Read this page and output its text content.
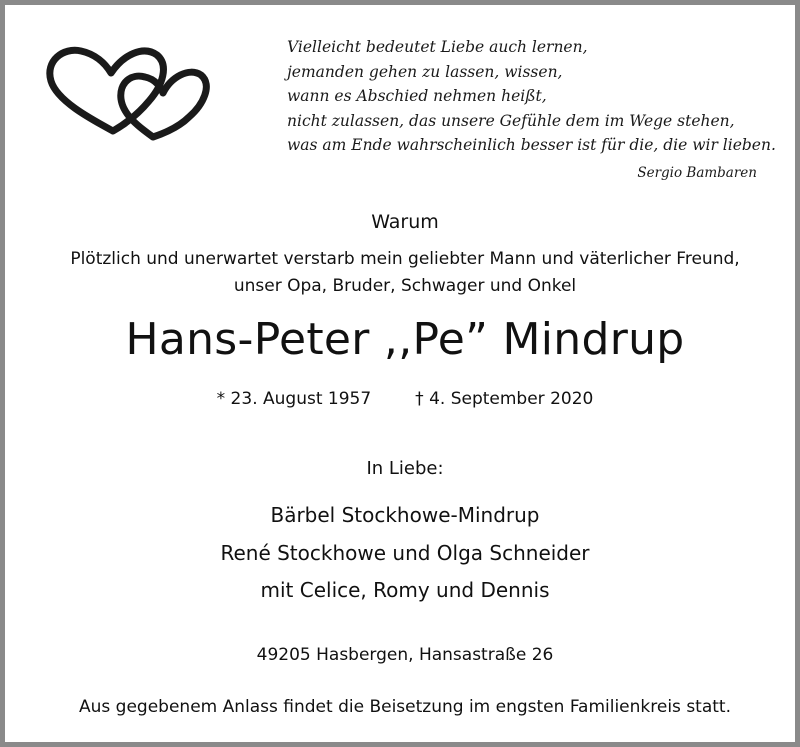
Vielleicht bedeutet Liebe auch lernen,
jemanden gehen zu lassen, wissen,
wann es Abschied nehmen heißt,
nicht zulassen, das unsere Gefühle dem im Wege stehen,
was am Ende wahrscheinlich besser ist für die, die wir lieben.
Sergio Bambaren
Warum
Plötzlich und unerwartet verstarb mein geliebter Mann und väterlicher Freund,
unser Opa, Bruder, Schwager und Onkel
Hans-Peter ,,Pe” Mindrup
* 23. August 1957	† 4. September 2020
In Liebe:
Bärbel Stockhowe-Mindrup
René Stockhowe und Olga Schneider
mit Celice, Romy und Dennis
49205 Hasbergen, Hansastraße 26
Aus gegebenem Anlass findet die Beisetzung im engsten Familienkreis statt.
